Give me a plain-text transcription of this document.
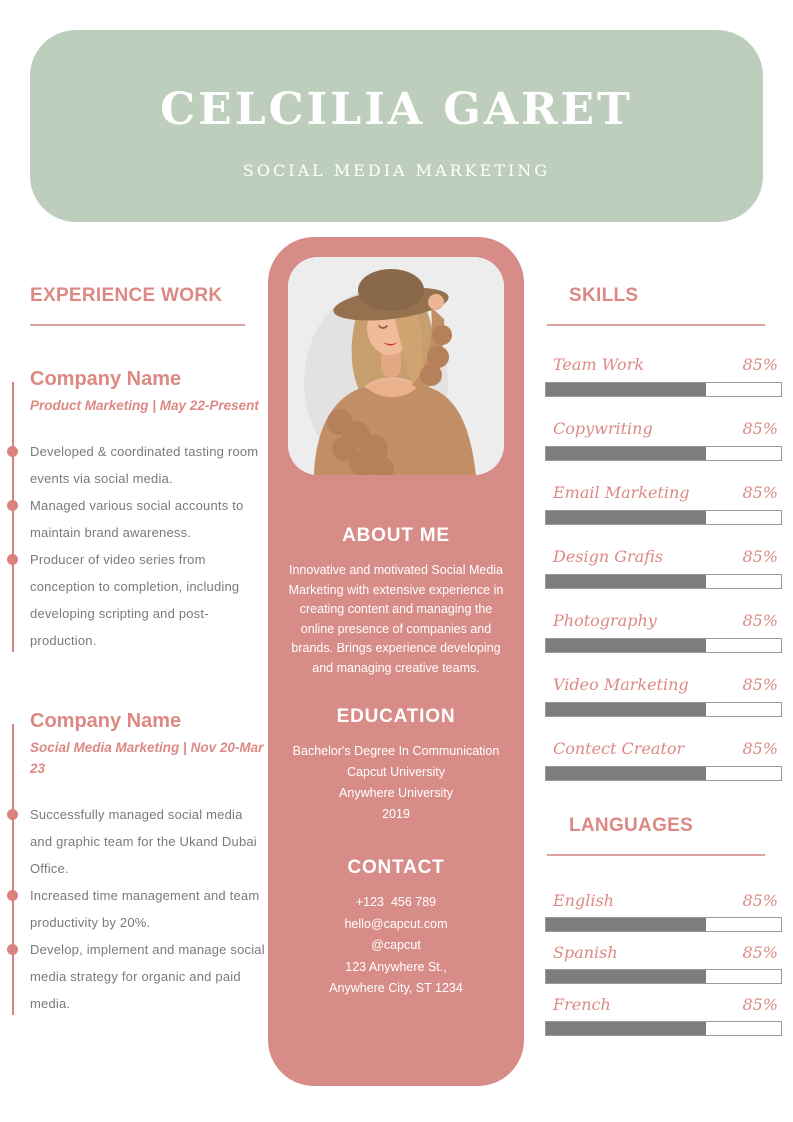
CELCILIA GARET
SOCIAL MEDIA MARKETING
EXPERIENCE WORK
Company Name
Product Marketing | May 22-Present
Developed & coordinated tasting room events via social media.
Managed various social accounts to maintain brand awareness.
Producer of video series from conception to completion, including developing scripting and post-production.
Company Name
Social Media Marketing | Nov 20-Mar 23
Successfully managed social media and graphic team for the Ukand Dubai Office.
Increased time management and team productivity by 20%.
Develop, implement and manage social media strategy for organic and paid media.
ABOUT ME
Innovative and motivated Social Media Marketing with extensive experience in creating content and managing the online presence of companies and brands. Brings experience developing and managing creative teams.
EDUCATION
Bachelor's Degree In Communication
Capcut University
Anywhere University
2019
CONTACT
+123  456 789
hello@capcut.com
@capcut
123 Anywhere St.,
Anywhere City, ST 1234
SKILLS
Team Work	85%
Copywriting	85%
Email Marketing	85%
Design Grafis	85%
Photography	85%
Video Marketing	85%
Contect Creator	85%
LANGUAGES
English	85%
Spanish	85%
French	85%
